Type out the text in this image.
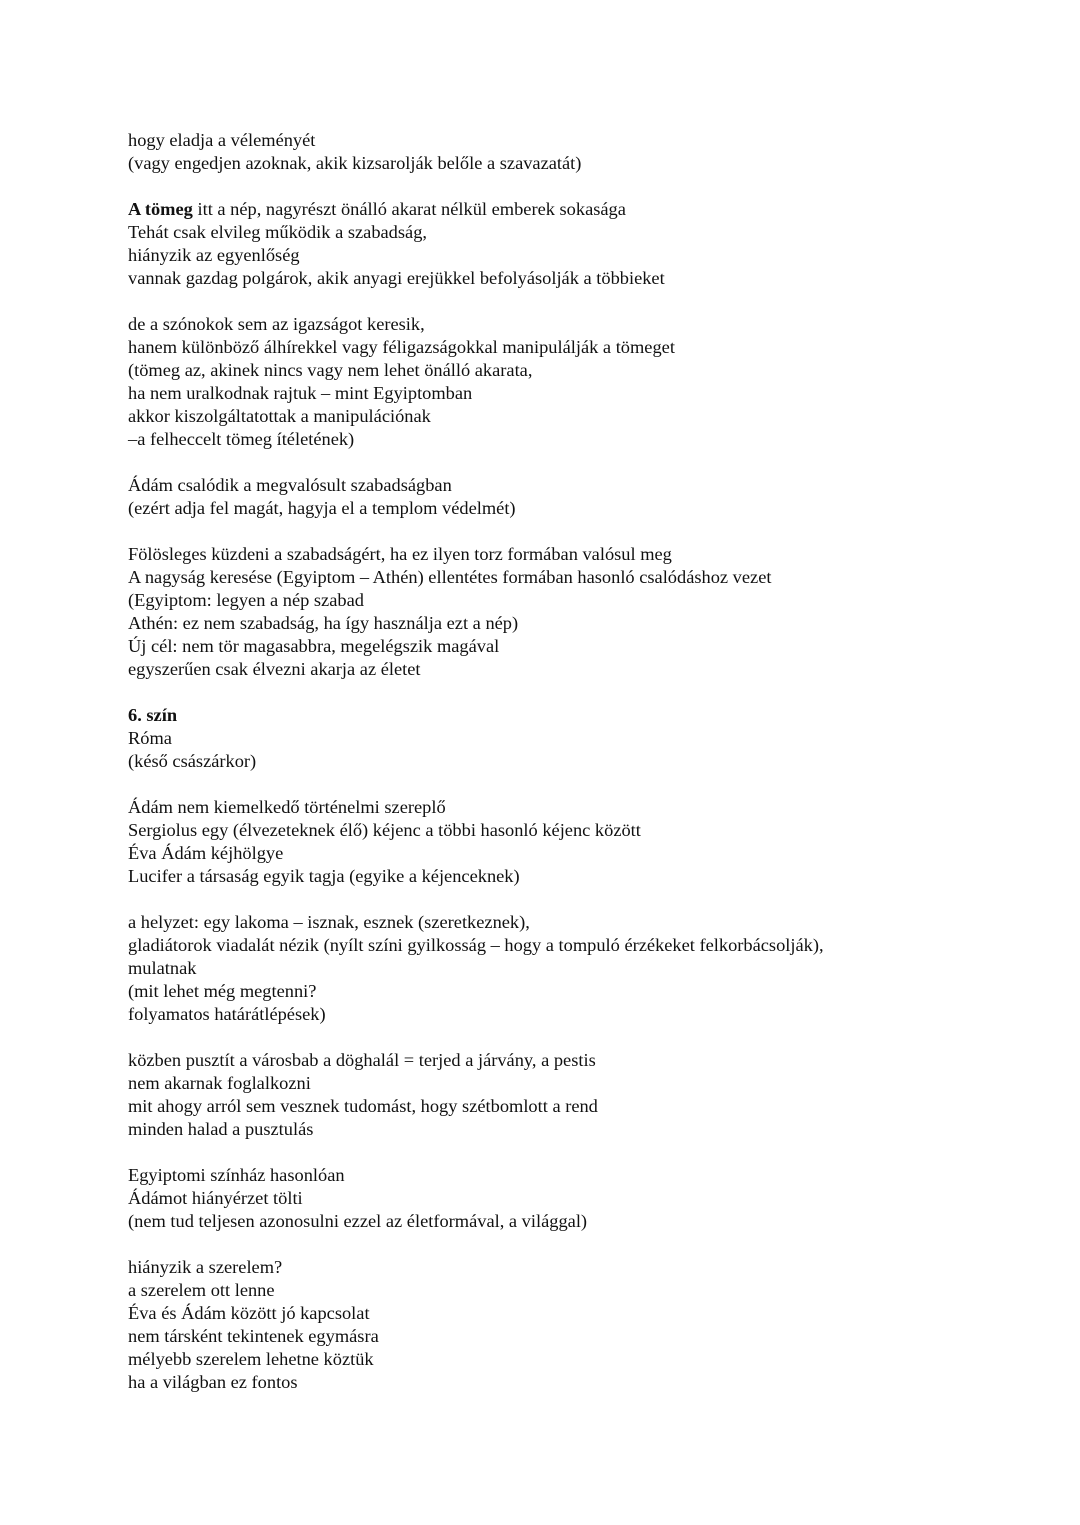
hogy eladja a véleményét
(vagy engedjen azoknak, akik kizsarolják belőle a szavazatát)
A tömeg itt a nép, nagyrészt önálló akarat nélkül emberek sokasága
Tehát csak elvileg működik a szabadság,
hiányzik az egyenlőség
vannak gazdag polgárok, akik anyagi erejükkel befolyásolják a többieket
de a szónokok sem az igazságot keresik,
hanem különböző álhírekkel vagy féligazságokkal manipulálják a tömeget
(tömeg az, akinek nincs vagy nem lehet önálló akarata,
ha nem uralkodnak rajtuk – mint Egyiptomban
akkor kiszolgáltatottak a manipulációnak
–a felheccelt tömeg ítéletének)
Ádám csalódik a megvalósult szabadságban
(ezért adja fel magát, hagyja el a templom védelmét)
Fölösleges küzdeni a szabadságért, ha ez ilyen torz formában valósul meg
A nagyság keresése (Egyiptom – Athén) ellentétes formában hasonló csalódáshoz vezet
(Egyiptom: legyen a nép szabad
Athén: ez nem szabadság, ha így használja ezt a nép)
Új cél: nem tör magasabbra, megelégszik magával
egyszerűen csak élvezni akarja az életet
6. szín
Róma
(késő császárkor)
Ádám nem kiemelkedő történelmi szereplő
Sergiolus egy (élvezeteknek élő) kéjenc a többi hasonló kéjenc között
Éva Ádám kéjhölgye
Lucifer a társaság egyik tagja (egyike a kéjenceknek)
a helyzet: egy lakoma – isznak, esznek (szeretkeznek),
gladiátorok viadalát nézik (nyílt színi gyilkosság – hogy a tompuló érzékeket felkorbácsolják),
mulatnak
(mit lehet még megtenni?
folyamatos határátlépések)
közben pusztít a városbab a döghalál = terjed a járvány, a pestis
nem akarnak foglalkozni
mit ahogy arról sem vesznek tudomást, hogy szétbomlott a rend
minden halad a pusztulás
Egyiptomi színház hasonlóan
Ádámot hiányérzet tölti
(nem tud teljesen azonosulni ezzel az életformával, a világgal)
hiányzik a szerelem?
a szerelem ott lenne
Éva és Ádám között jó kapcsolat
nem társként tekintenek egymásra
mélyebb szerelem lehetne köztük
ha a világban ez fontos
